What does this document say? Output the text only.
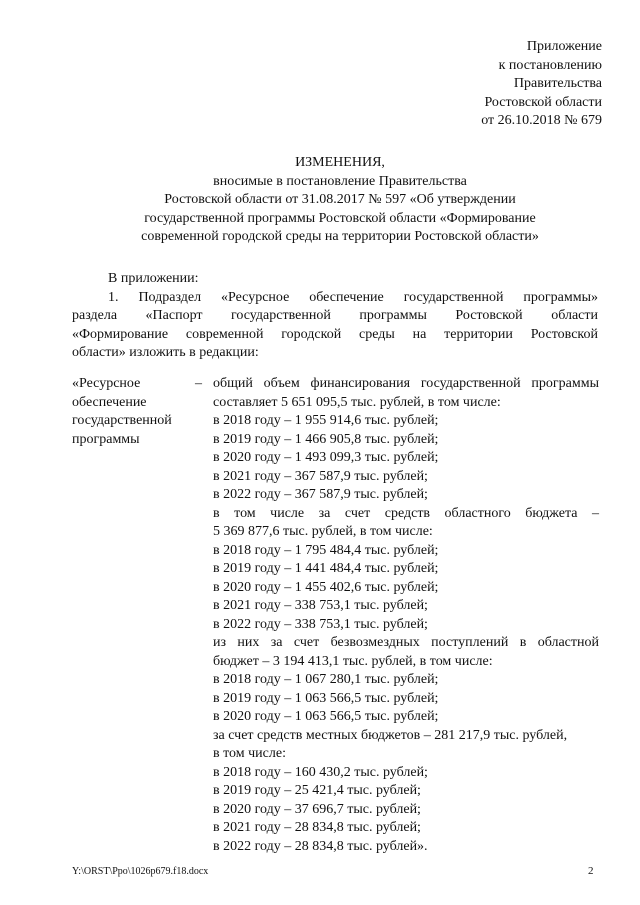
Приложение
к постановлению
Правительства
Ростовской области
от 26.10.2018 № 679
ИЗМЕНЕНИЯ,
вносимые в постановление Правительства
Ростовской области от 31.08.2017 № 597 «Об утверждении
государственной программы Ростовской области «Формирование
современной городской среды на территории Ростовской области»
В приложении:
1. Подраздел «Ресурсное обеспечение государственной программы»
раздела «Паспорт государственной программы Ростовской области
«Формирование современной городской среды на территории Ростовской
области» изложить в редакции:
«Ресурсное
обеспечение
государственной
программы
– общий объем финансирования государственной программы
составляет 5 651 095,5 тыс. рублей, в том числе:
в 2018 году – 1 955 914,6 тыс. рублей;
в 2019 году – 1 466 905,8 тыс. рублей;
в 2020 году – 1 493 099,3 тыс. рублей;
в 2021 году – 367 587,9 тыс. рублей;
в 2022 году – 367 587,9 тыс. рублей;
в том числе за счет средств областного бюджета –
5 369 877,6 тыс. рублей, в том числе:
в 2018 году – 1 795 484,4 тыс. рублей;
в 2019 году – 1 441 484,4 тыс. рублей;
в 2020 году – 1 455 402,6 тыс. рублей;
в 2021 году – 338 753,1 тыс. рублей;
в 2022 году – 338 753,1 тыс. рублей;
из них за счет безвозмездных поступлений в областной
бюджет – 3 194 413,1 тыс. рублей, в том числе:
в 2018 году – 1 067 280,1 тыс. рублей;
в 2019 году – 1 063 566,5 тыс. рублей;
в 2020 году – 1 063 566,5 тыс. рублей;
за счет средств местных бюджетов – 281 217,9 тыс. рублей,
в том числе:
в 2018 году – 160 430,2 тыс. рублей;
в 2019 году – 25 421,4 тыс. рублей;
в 2020 году – 37 696,7 тыс. рублей;
в 2021 году – 28 834,8 тыс. рублей;
в 2022 году – 28 834,8 тыс. рублей».
Y:\ORST\Ppo\1026p679.f18.docx	2
